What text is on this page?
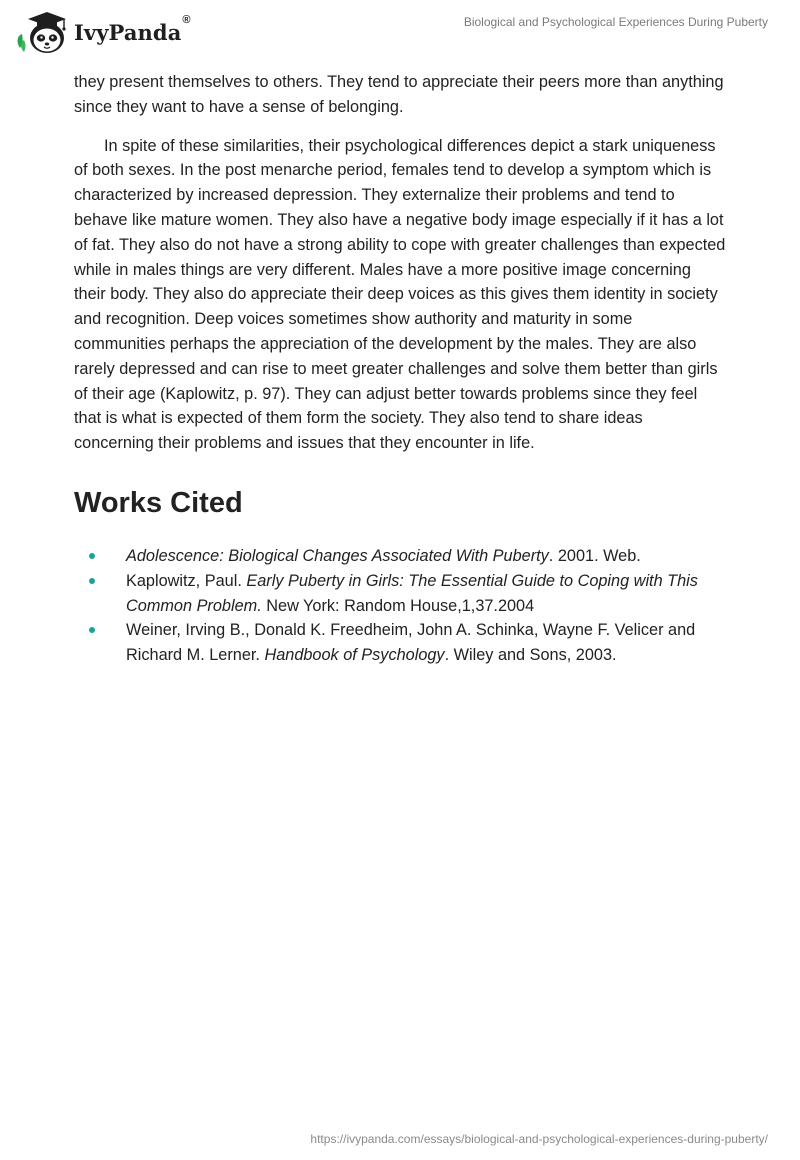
IvyPanda®	Biological and Psychological Experiences During Puberty

they present themselves to others. They tend to appreciate their peers more than anything since they want to have a sense of belonging.

In spite of these similarities, their psychological differences depict a stark uniqueness of both sexes. In the post menarche period, females tend to develop a symptom which is characterized by increased depression. They externalize their problems and tend to behave like mature women. They also have a negative body image especially if it has a lot of fat. They also do not have a strong ability to cope with greater challenges than expected while in males things are very different. Males have a more positive image concerning their body. They also do appreciate their deep voices as this gives them identity in society and recognition. Deep voices sometimes show authority and maturity in some communities perhaps the appreciation of the development by the males. They are also rarely depressed and can rise to meet greater challenges and solve them better than girls of their age (Kaplowitz, p. 97). They can adjust better towards problems since they feel that is what is expected of them form the society. They also tend to share ideas concerning their problems and issues that they encounter in life.

Works Cited
Adolescence: Biological Changes Associated With Puberty. 2001. Web.
Kaplowitz, Paul. Early Puberty in Girls: The Essential Guide to Coping with This Common Problem. New York: Random House,1,37.2004
Weiner, Irving B., Donald K. Freedheim, John A. Schinka, Wayne F. Velicer and Richard M. Lerner. Handbook of Psychology. Wiley and Sons, 2003.
https://ivypanda.com/essays/biological-and-psychological-experiences-during-puberty/
